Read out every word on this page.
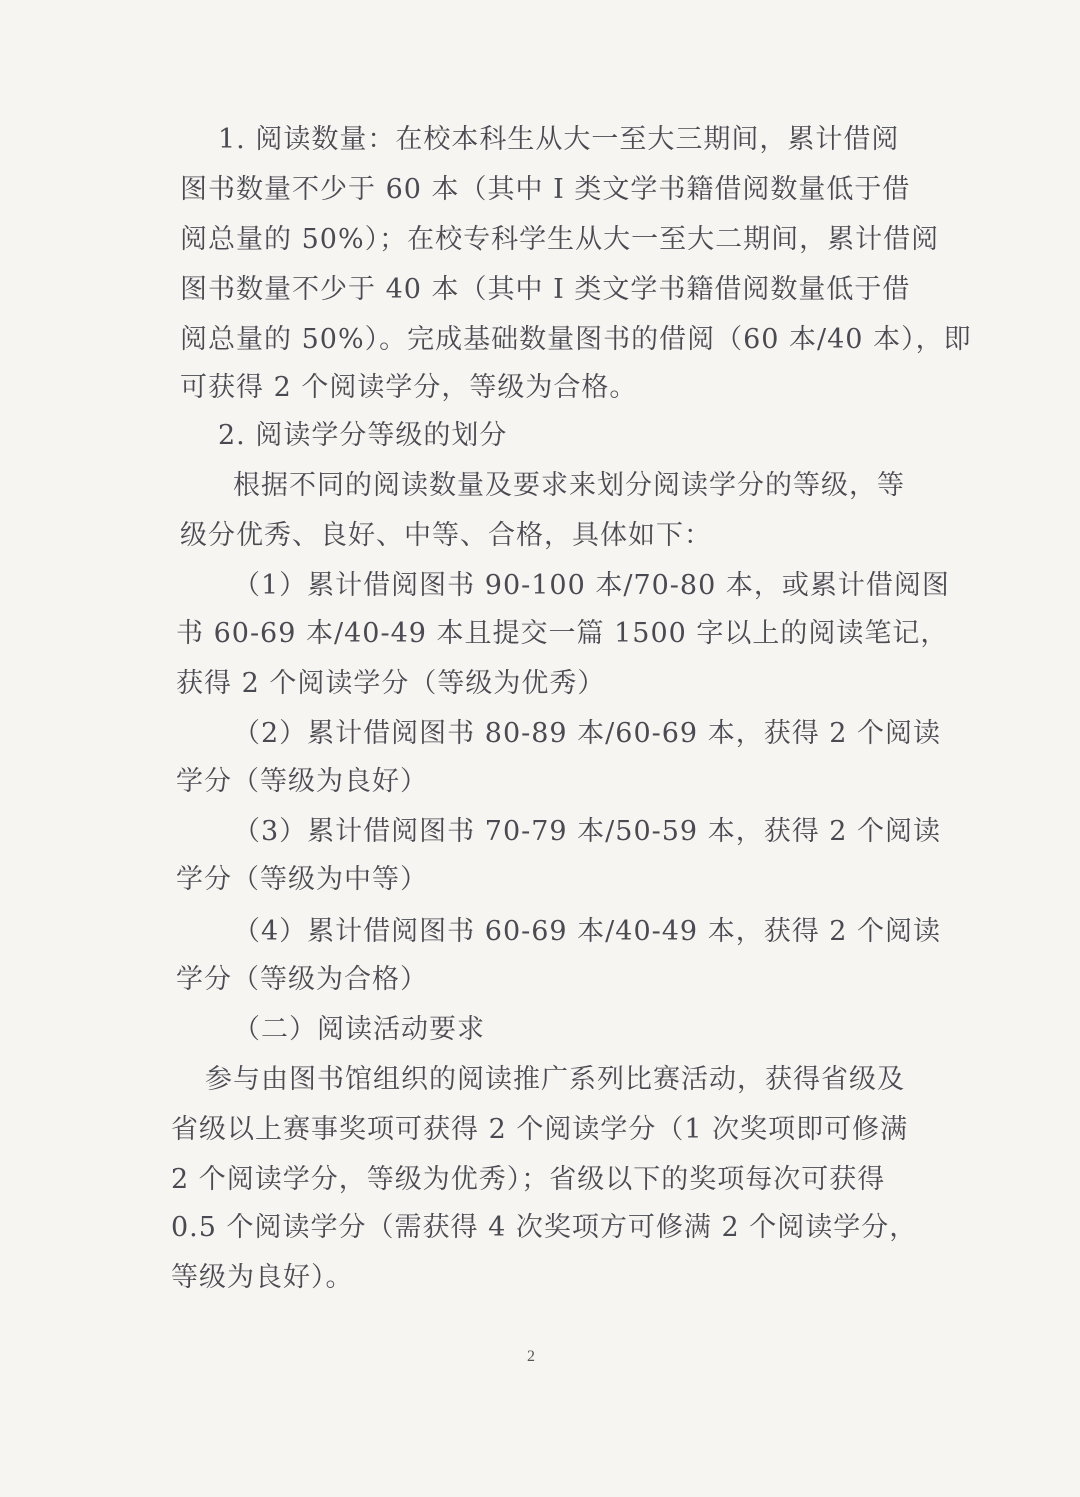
1. 阅读数量：在校本科生从大一至大三期间，累计借阅
图书数量不少于 60 本（其中 I 类文学书籍借阅数量低于借
阅总量的 50%）；在校专科学生从大一至大二期间，累计借阅
图书数量不少于 40 本（其中 I 类文学书籍借阅数量低于借
阅总量的 50%）。完成基础数量图书的借阅（60 本/40 本），即
可获得 2 个阅读学分，等级为合格。
2. 阅读学分等级的划分
根据不同的阅读数量及要求来划分阅读学分的等级，等
级分优秀、良好、中等、合格，具体如下：
（1）累计借阅图书 90-100 本/70-80 本，或累计借阅图
书 60-69 本/40-49 本且提交一篇 1500 字以上的阅读笔记，
获得 2 个阅读学分（等级为优秀）
（2）累计借阅图书 80-89 本/60-69 本，获得 2 个阅读
学分（等级为良好）
（3）累计借阅图书 70-79 本/50-59 本，获得 2 个阅读
学分（等级为中等）
（4）累计借阅图书 60-69 本/40-49 本，获得 2 个阅读
学分（等级为合格）
（二）阅读活动要求
参与由图书馆组织的阅读推广系列比赛活动，获得省级及
省级以上赛事奖项可获得 2 个阅读学分（1 次奖项即可修满
2 个阅读学分，等级为优秀）；省级以下的奖项每次可获得
0.5 个阅读学分（需获得 4 次奖项方可修满 2 个阅读学分，
等级为良好）。
2
